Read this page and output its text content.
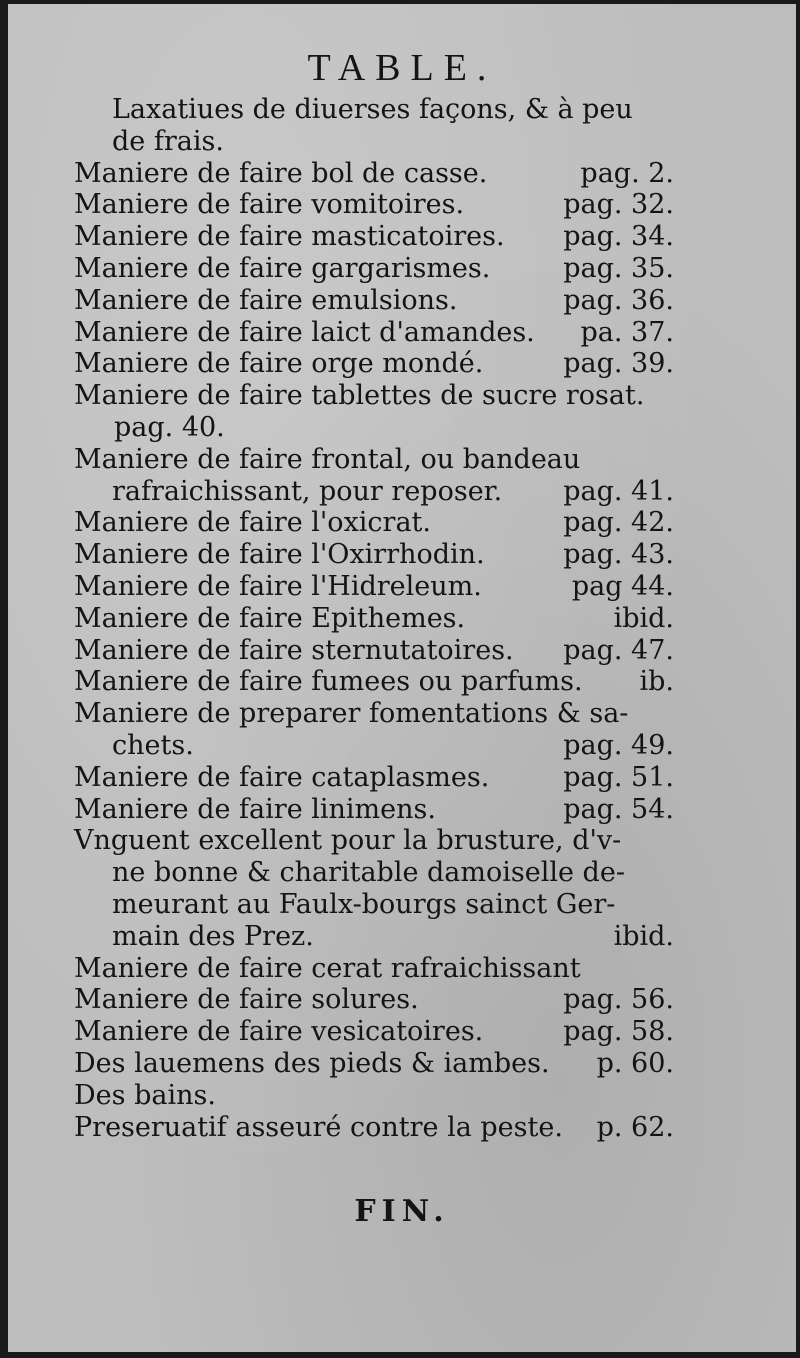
TABLE.
Laxatiues de diuerses façons, & à peu
de frais.
Maniere de faire bol de casse.	pag. 2.
Maniere de faire vomitoires.	pag. 32.
Maniere de faire masticatoires. pag. 34.
Maniere de faire gargarismes.	pag. 35.
Maniere de faire emulsions.	pag. 36.
Maniere de faire laict d'amandes. pa. 37.
Maniere de faire orge mondé.	pag. 39.
Maniere de faire tablettes de sucre rosat.
pag. 40.
Maniere de faire frontal, ou bandeau
rafraichissant, pour reposer. pag. 41.
Maniere de faire l'oxicrat.	pag. 42.
Maniere de faire l'Oxirrhodin.	pag. 43.
Maniere de faire l'Hidreleum.	pag 44.
Maniere de faire Epithemes.	ibid.
Maniere de faire sternutatoires. pag. 47.
Maniere de faire fumees ou parfums. ib.
Maniere de preparer fomentations & sa-
chets.	pag. 49.
Maniere de faire cataplasmes.	pag. 51.
Maniere de faire linimens.	pag. 54.
Vnguent excellent pour la brusture, d'v-
ne bonne & charitable damoiselle de-
meurant au Faulx-bourgs sainct Ger-
main des Prez.	ibid.
Maniere de faire cerat rafraichissant
Maniere de faire solures.	pag. 56.
Maniere de faire vesicatoires.	pag. 58.
Des lauemens des pieds & iambes. p. 60.
Des bains.
Preseruatif asseuré contre la peste. p. 62.
FIN.
